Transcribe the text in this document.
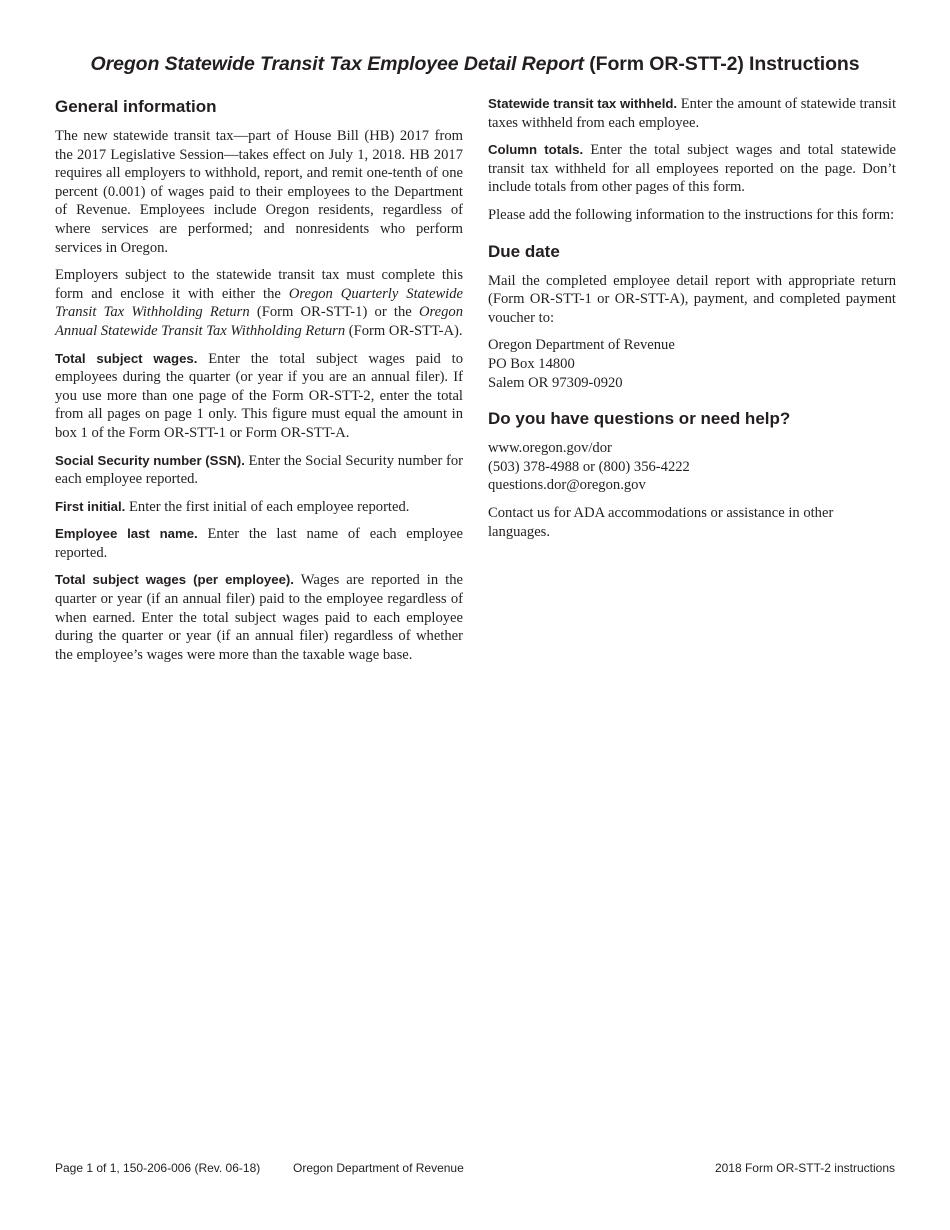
Oregon Statewide Transit Tax Employee Detail Report (Form OR-STT-2) Instructions
General information

The new statewide transit tax—part of House Bill (HB) 2017 from the 2017 Legislative Session—takes effect on July 1, 2018. HB 2017 requires all employers to withhold, report, and remit one-tenth of one percent (0.001) of wages paid to their employees to the Department of Revenue. Employees include Oregon residents, regardless of where services are performed; and nonresidents who perform services in Oregon.

Employers subject to the statewide transit tax must complete this form and enclose it with either the Oregon Quarterly Statewide Transit Tax Withholding Return (Form OR-STT-1) or the Oregon Annual Statewide Transit Tax Withholding Return (Form OR-STT-A).

Total subject wages. Enter the total subject wages paid to employees during the quarter (or year if you are an annual filer). If you use more than one page of the Form OR-STT-2, enter the total from all pages on page 1 only. This figure must equal the amount in box 1 of the Form OR-STT-1 or Form OR-STT-A.

Social Security number (SSN). Enter the Social Security number for each employee reported.

First initial. Enter the first initial of each employee reported.

Employee last name. Enter the last name of each employee reported.

Total subject wages (per employee). Wages are reported in the quarter or year (if an annual filer) paid to the employee regardless of when earned. Enter the total subject wages paid to each employee during the quarter or year (if an annual filer) regardless of whether the employee’s wages were more than the taxable wage base.

Statewide transit tax withheld. Enter the amount of statewide transit taxes withheld from each employee.

Column totals. Enter the total subject wages and total statewide transit tax withheld for all employees reported on the page. Don’t include totals from other pages of this form.

Please add the following information to the instructions for this form:

Due date

Mail the completed employee detail report with appropriate return (Form OR-STT-1 or OR-STT-A), payment, and completed payment voucher to:

Oregon Department of Revenue
PO Box 14800
Salem OR 97309-0920
Do you have questions or need help?
www.oregon.gov/dor
(503) 378-4988 or (800) 356-4222
questions.dor@oregon.gov

Contact us for ADA accommodations or assistance in other languages.

Page 1 of 1, 150-206-006 (Rev. 06-18)	Oregon Department of Revenue	2018 Form OR-STT-2 instructions
